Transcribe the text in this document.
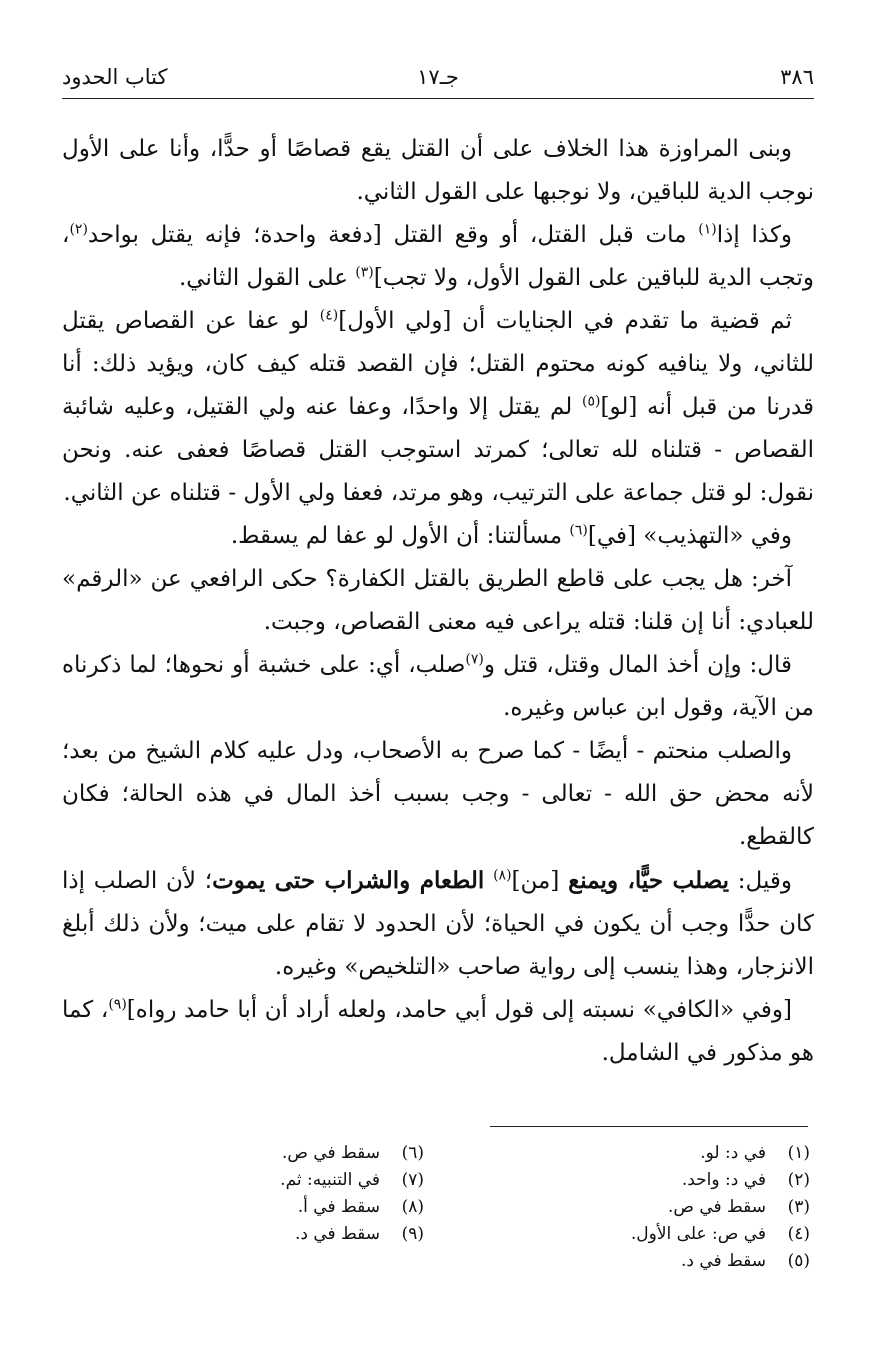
٣٨٦
جـ١٧
كتاب الحدود

وبنى المراوزة هذا الخلاف على أن القتل يقع قصاصًا أو حدًّا، وأنا على الأول نوجب الدية للباقين، ولا نوجبها على القول الثاني.

وكذا إذا$^{(١)}$ مات قبل القتل، أو وقع القتل [دفعة واحدة؛ فإنه يقتل بواحد$^{(٢)}$، وتجب الدية للباقين على القول الأول، ولا تجب]$^{(٣)}$ على القول الثاني.

ثم قضية ما تقدم في الجنايات أن [ولي الأول]$^{(٤)}$ لو عفا عن القصاص يقتل للثاني، ولا ينافيه كونه محتوم القتل؛ فإن القصد قتله كيف كان، ويؤيد ذلك: أنا قدرنا من قبل أنه [لو]$^{(٥)}$ لم يقتل إلا واحدًا، وعفا عنه ولي القتيل، وعليه شائبة القصاص - قتلناه لله تعالى؛ كمرتد استوجب القتل قصاصًا فعفى عنه. ونحن نقول: لو قتل جماعة على الترتيب، وهو مرتد، فعفا ولي الأول - قتلناه عن الثاني.

وفي «التهذيب» [في]$^{(٦)}$ مسألتنا: أن الأول لو عفا لم يسقط.

آخر: هل يجب على قاطع الطريق بالقتل الكفارة؟ حكى الرافعي عن «الرقم» للعبادي: أنا إن قلنا: قتله يراعى فيه معنى القصاص، وجبت.

قال: وإن أخذ المال وقتل، قتل و$^{(٧)}$صلب، أي: على خشبة أو نحوها؛ لما ذكرناه من الآية، وقول ابن عباس وغيره.

والصلب منحتم - أيضًا - كما صرح به الأصحاب، ودل عليه كلام الشيخ من بعد؛ لأنه محض حق الله - تعالى - وجب بسبب أخذ المال في هذه الحالة؛ فكان كالقطع.

وقيل: يصلب حيًّا، ويمنع [من]$^{(٨)}$ الطعام والشراب حتى يموت؛ لأن الصلب إذا كان حدًّا وجب أن يكون في الحياة؛ لأن الحدود لا تقام على ميت؛ ولأن ذلك أبلغ الانزجار، وهذا ينسب إلى رواية صاحب «التلخيص» وغيره.

[وفي «الكافي» نسبته إلى قول أبي حامد، ولعله أراد أن أبا حامد رواه]$^{(٩)}$، كما هو مذكور في الشامل.

(١)
في د: لو.
(٢)
في د: واحد.
(٣)
سقط في ص.
(٤)
في ص: على الأول.
(٥)
سقط في د.
(٦)
سقط في ص.
(٧)
في التنبيه: ثم.
(٨)
سقط في أ.
(٩)
سقط في د.
